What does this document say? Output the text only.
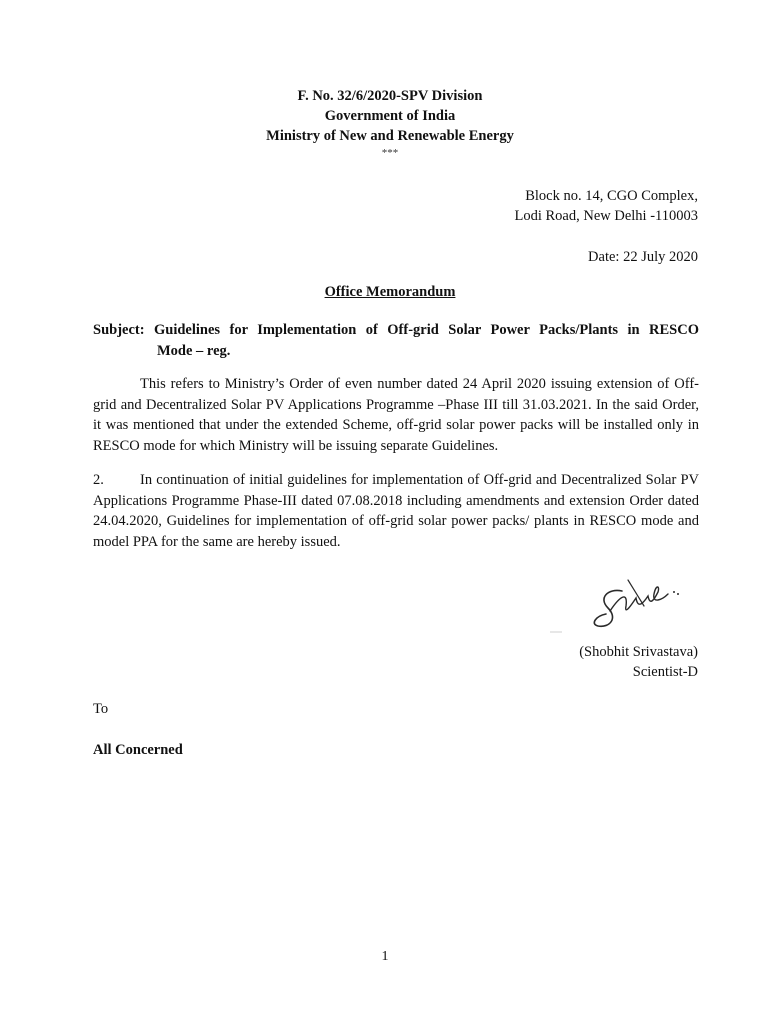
F. No. 32/6/2020-SPV Division
Government of India
Ministry of New and Renewable Energy
***
Block no. 14, CGO Complex,
Lodi Road, New Delhi -110003
Date: 22 July 2020
Office Memorandum
Subject: Guidelines for Implementation of Off-grid Solar Power Packs/Plants in RESCO
Mode – reg.
This refers to Ministry’s Order of even number dated 24 April 2020 issuing extension of Off-grid and Decentralized Solar PV Applications Programme –Phase III till 31.03.2021. In the said Order, it was mentioned that under the extended Scheme, off-grid solar power packs will be installed only in RESCO mode for which Ministry will be issuing separate Guidelines.
2. In continuation of initial guidelines for implementation of Off-grid and Decentralized Solar PV Applications Programme Phase-III dated 07.08.2018 including amendments and extension Order dated 24.04.2020, Guidelines for implementation of off-grid solar power packs/ plants in RESCO mode and model PPA for the same are hereby issued.
(Shobhit Srivastava)
Scientist-D
To
All Concerned
1
